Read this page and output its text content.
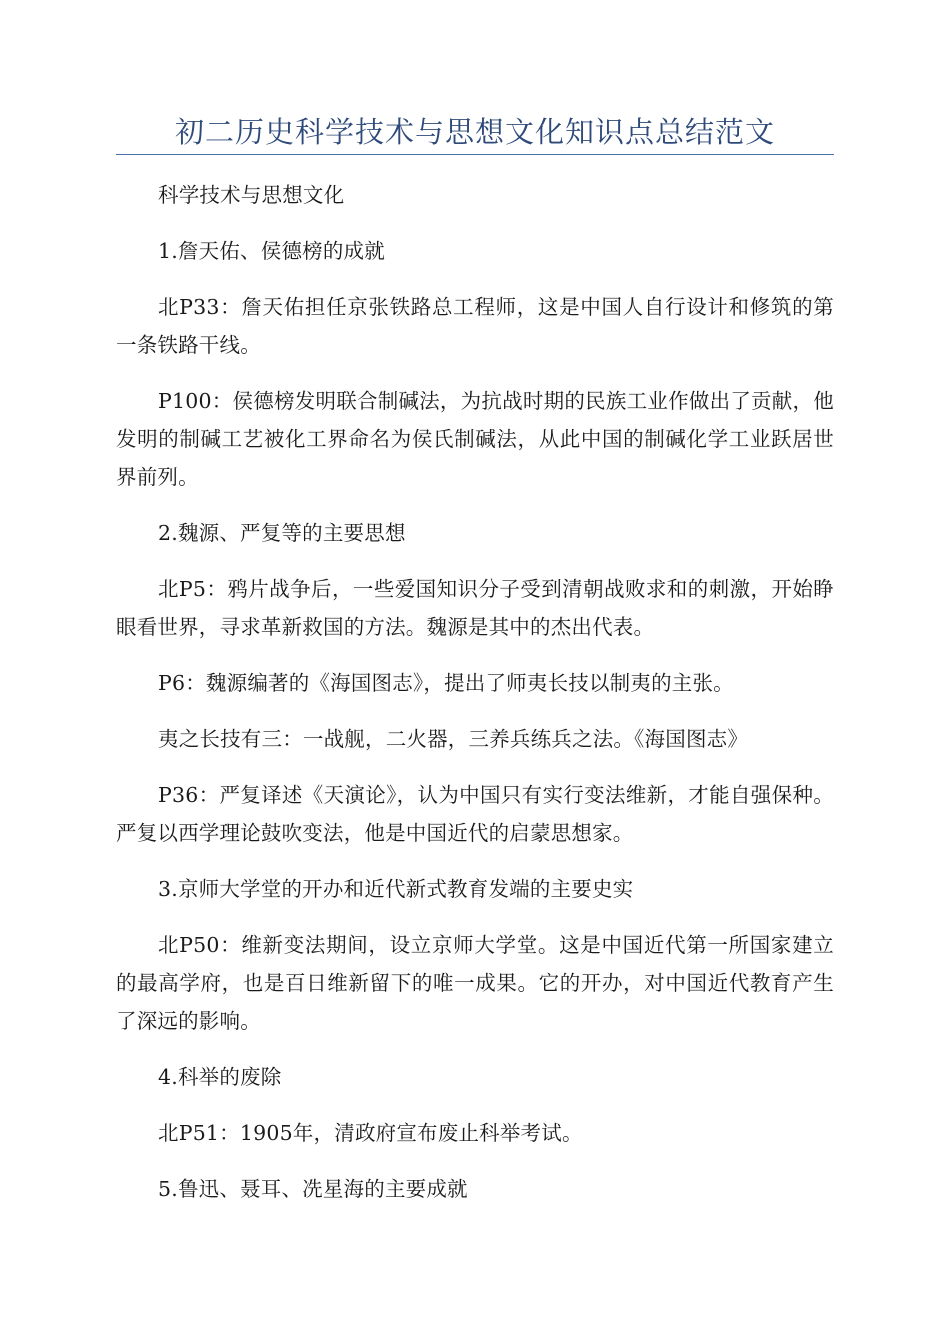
初二历史科学技术与思想文化知识点总结范文

科学技术与思想文化

1.詹天佑、侯德榜的成就

北P33：詹天佑担任京张铁路总工程师，这是中国人自行设计和修筑的第一条铁路干线。

P100：侯德榜发明联合制碱法，为抗战时期的民族工业作做出了贡献，他发明的制碱工艺被化工界命名为侯氏制碱法，从此中国的制碱化学工业跃居世界前列。

2.魏源、严复等的主要思想

北P5：鸦片战争后，一些爱国知识分子受到清朝战败求和的刺激，开始睁眼看世界，寻求革新救国的方法。魏源是其中的杰出代表。

P6：魏源编著的《海国图志》，提出了师夷长技以制夷的主张。

夷之长技有三：一战舰，二火器，三养兵练兵之法。《海国图志》

P36：严复译述《天演论》，认为中国只有实行变法维新，才能自强保种。严复以西学理论鼓吹变法，他是中国近代的启蒙思想家。

3.京师大学堂的开办和近代新式教育发端的主要史实

北P50：维新变法期间，设立京师大学堂。这是中国近代第一所国家建立的最高学府，也是百日维新留下的唯一成果。它的开办，对中国近代教育产生了深远的影响。

4.科举的废除

北P51：1905年，清政府宣布废止科举考试。

5.鲁迅、聂耳、冼星海的主要成就
